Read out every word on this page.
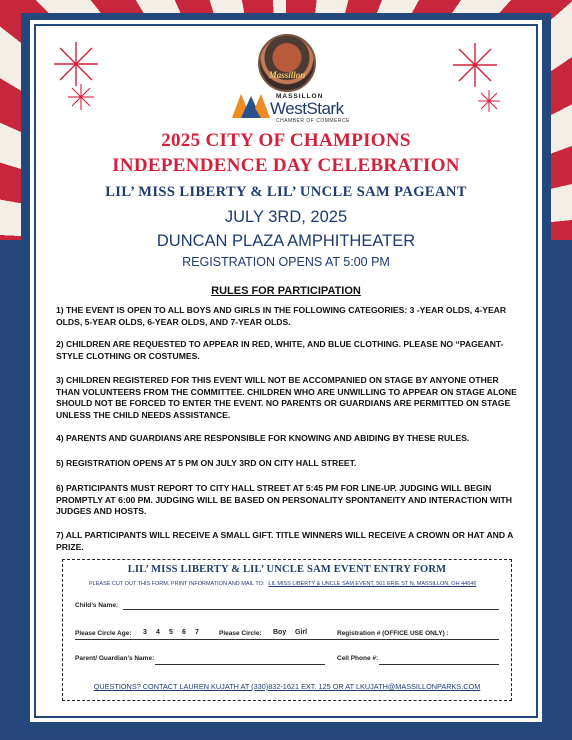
Massillon
MASSILLON
WestStark
CHAMBER OF COMMERCE
2025 CITY OF CHAMPIONS
INDEPENDENCE DAY CELEBRATION
LIL’ MISS LIBERTY & LIL’ UNCLE SAM PAGEANT
JULY 3RD, 2025
DUNCAN PLAZA AMPHITHEATER
REGISTRATION OPENS AT 5:00 PM
RULES FOR PARTICIPATION
1) THE EVENT IS OPEN TO ALL BOYS AND GIRLS IN THE FOLLOWING CATEGORIES: 3 -YEAR OLDS, 4-YEAR OLDS, 5-YEAR OLDS, 6-YEAR OLDS, AND 7-YEAR OLDS.
2) CHILDREN ARE REQUESTED TO APPEAR IN RED, WHITE, AND BLUE CLOTHING. PLEASE NO “PAGEANT-STYLE CLOTHING OR COSTUMES.
3) CHILDREN REGISTERED FOR THIS EVENT WILL NOT BE ACCOMPANIED ON STAGE BY ANYONE OTHER THAN VOLUNTEERS FROM THE COMMITTEE. CHILDREN WHO ARE UNWILLING TO APPEAR ON STAGE ALONE SHOULD NOT BE FORCED TO ENTER THE EVENT. NO PARENTS OR GUARDIANS ARE PERMITTED ON STAGE UNLESS THE CHILD NEEDS ASSISTANCE.
4) PARENTS AND GUARDIANS ARE RESPONSIBLE FOR KNOWING AND ABIDING BY THESE RULES.
5) REGISTRATION OPENS AT 5 PM ON JULY 3RD ON CITY HALL STREET.
6) PARTICIPANTS MUST REPORT TO CITY HALL STREET AT 5:45 PM FOR LINE-UP. JUDGING WILL BEGIN PROMPTLY AT 6:00 PM. JUDGING WILL BE BASED ON PERSONALITY SPONTANEITY AND INTERACTION WITH JUDGES AND HOSTS.
7) ALL PARTICIPANTS WILL RECEIVE A SMALL GIFT. TITLE WINNERS WILL RECEIVE A CROWN OR HAT AND A PRIZE.
LIL’ MISS LIBERTY & LIL’ UNCLE SAM EVENT ENTRY FORM
PLEASE CUT OUT THIS FORM, PRINT INFORMATION AND MAIL TO: LIL MISS LIBERTY & UNCLE SAM EVENT, 501 ERIE ST N, MASSILLON, OH 44646
Child’s Name:
Please Circle Age: 3 4 5 6 7	Please Circle: Boy Girl	Registration # (OFFICE USE ONLY) :
Parent/ Guardian’s Name:	Cell Phone #:
QUESTIONS? CONTACT LAUREN KUJATH AT (330)832-1621 EXT. 125 OR AT LKUJATH@MASSILLONPARKS.COM
